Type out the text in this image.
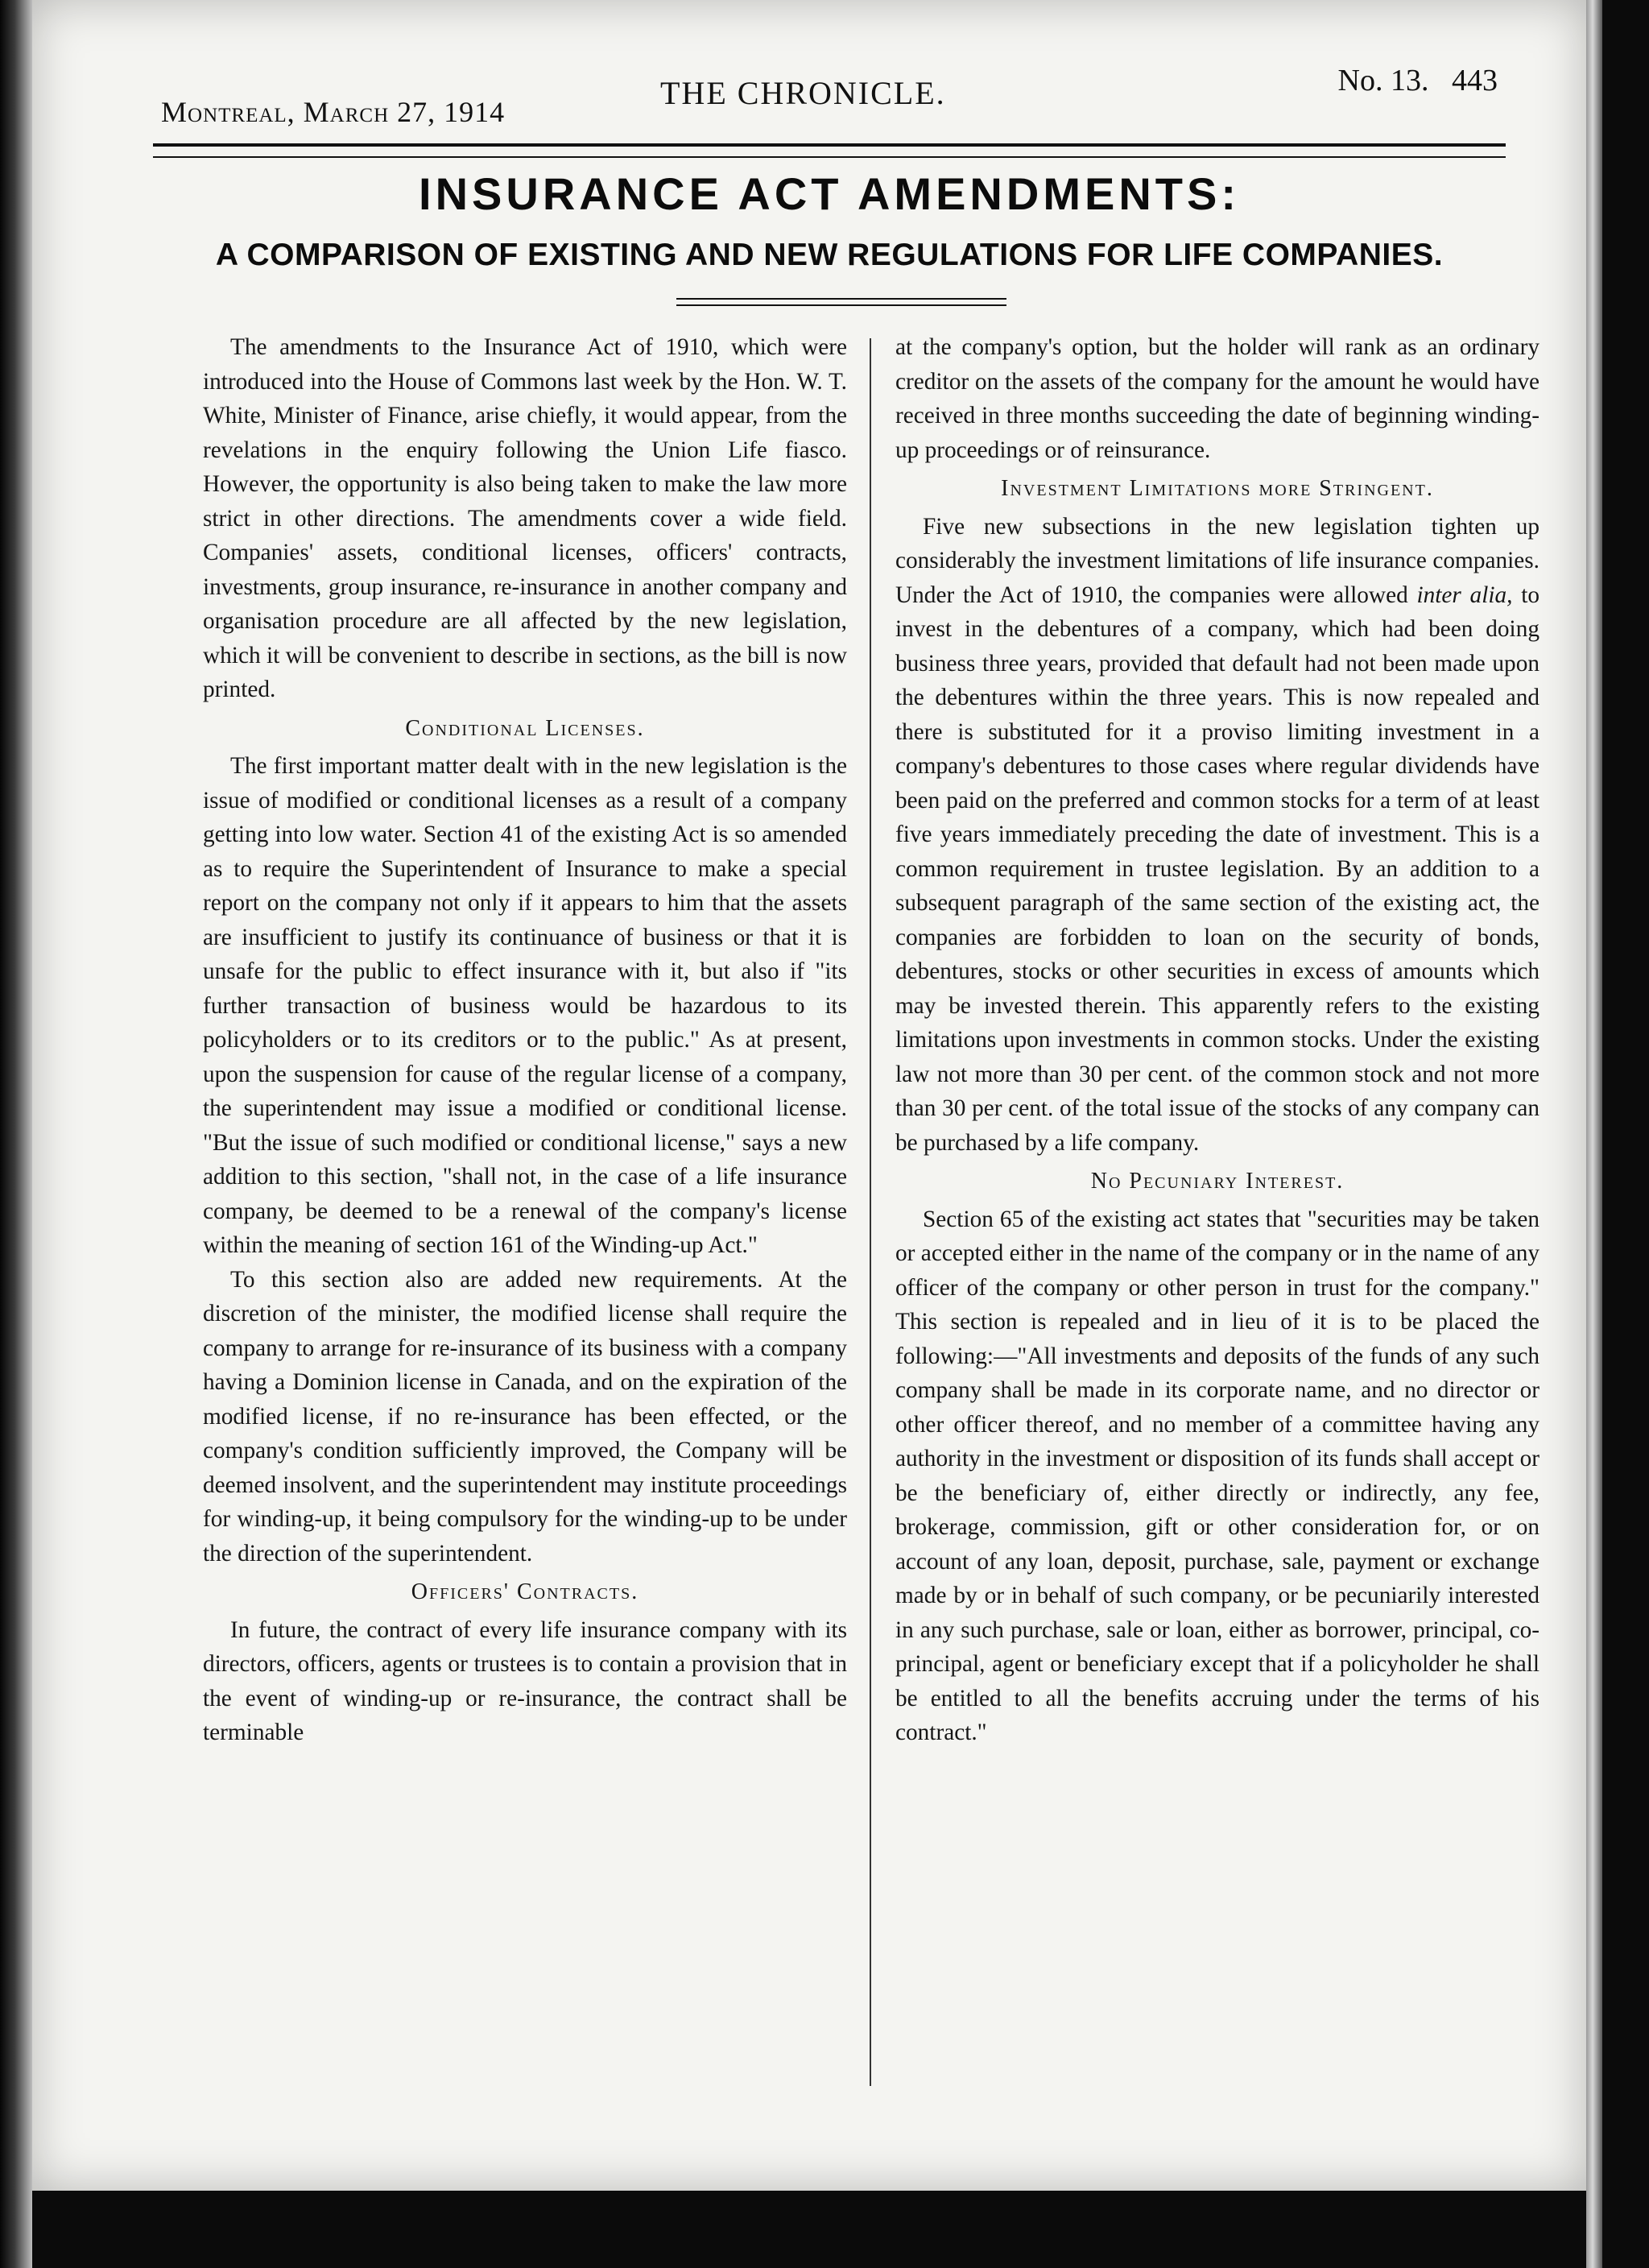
Montreal, March 27, 1914
THE CHRONICLE.	No. 13.   443
INSURANCE ACT AMENDMENTS:
A COMPARISON OF EXISTING AND NEW REGULATIONS FOR LIFE COMPANIES.

The amendments to the Insurance Act of 1910, which were introduced into the House of Commons last week by the Hon. W. T. White, Minister of Finance, arise chiefly, it would appear, from the revelations in the enquiry following the Union Life fiasco. However, the opportunity is also being taken to make the law more strict in other directions. The amendments cover a wide field. Companies' assets, conditional licenses, officers' contracts, investments, group insurance, re-insurance in another company and organisation procedure are all affected by the new legislation, which it will be convenient to describe in sections, as the bill is now printed.

Conditional Licenses.

The first important matter dealt with in the new legislation is the issue of modified or conditional licenses as a result of a company getting into low water. Section 41 of the existing Act is so amended as to require the Superintendent of Insurance to make a special report on the company not only if it appears to him that the assets are insufficient to justify its continuance of business or that it is unsafe for the public to effect insurance with it, but also if "its further transaction of business would be hazardous to its policyholders or to its creditors or to the public." As at present, upon the suspension for cause of the regular license of a company, the superintendent may issue a modified or conditional license. "But the issue of such modified or conditional license," says a new addition to this section, "shall not, in the case of a life insurance company, be deemed to be a renewal of the company's license within the meaning of section 161 of the Winding-up Act."

To this section also are added new requirements. At the discretion of the minister, the modified license shall require the company to arrange for re-insurance of its business with a company having a Dominion license in Canada, and on the expiration of the modified license, if no re-insurance has been effected, or the company's condition sufficiently improved, the Company will be deemed insolvent, and the superintendent may institute proceedings for winding-up, it being compulsory for the winding-up to be under the direction of the superintendent.

Officers' Contracts.

In future, the contract of every life insurance company with its directors, officers, agents or trustees is to contain a provision that in the event of winding-up or re-insurance, the contract shall be terminable

at the company's option, but the holder will rank as an ordinary creditor on the assets of the company for the amount he would have received in three months succeeding the date of beginning winding-up proceedings or of reinsurance.

Investment Limitations more Stringent.

Five new subsections in the new legislation tighten up considerably the investment limitations of life insurance companies. Under the Act of 1910, the companies were allowed inter alia, to invest in the debentures of a company, which had been doing business three years, provided that default had not been made upon the debentures within the three years. This is now repealed and there is substituted for it a proviso limiting investment in a company's debentures to those cases where regular dividends have been paid on the preferred and common stocks for a term of at least five years immediately preceding the date of investment. This is a common requirement in trustee legislation. By an addition to a subsequent paragraph of the same section of the existing act, the companies are forbidden to loan on the security of bonds, debentures, stocks or other securities in excess of amounts which may be invested therein. This apparently refers to the existing limitations upon investments in common stocks. Under the existing law not more than 30 per cent. of the common stock and not more than 30 per cent. of the total issue of the stocks of any company can be purchased by a life company.

No Pecuniary Interest.

Section 65 of the existing act states that "securities may be taken or accepted either in the name of the company or in the name of any officer of the company or other person in trust for the company." This section is repealed and in lieu of it is to be placed the following:—"All investments and deposits of the funds of any such company shall be made in its corporate name, and no director or other officer thereof, and no member of a committee having any authority in the investment or disposition of its funds shall accept or be the beneficiary of, either directly or indirectly, any fee, brokerage, commission, gift or other consideration for, or on account of any loan, deposit, purchase, sale, payment or exchange made by or in behalf of such company, or be pecuniarily interested in any such purchase, sale or loan, either as borrower, principal, co-principal, agent or beneficiary except that if a policyholder he shall be entitled to all the benefits accruing under the terms of his contract."
